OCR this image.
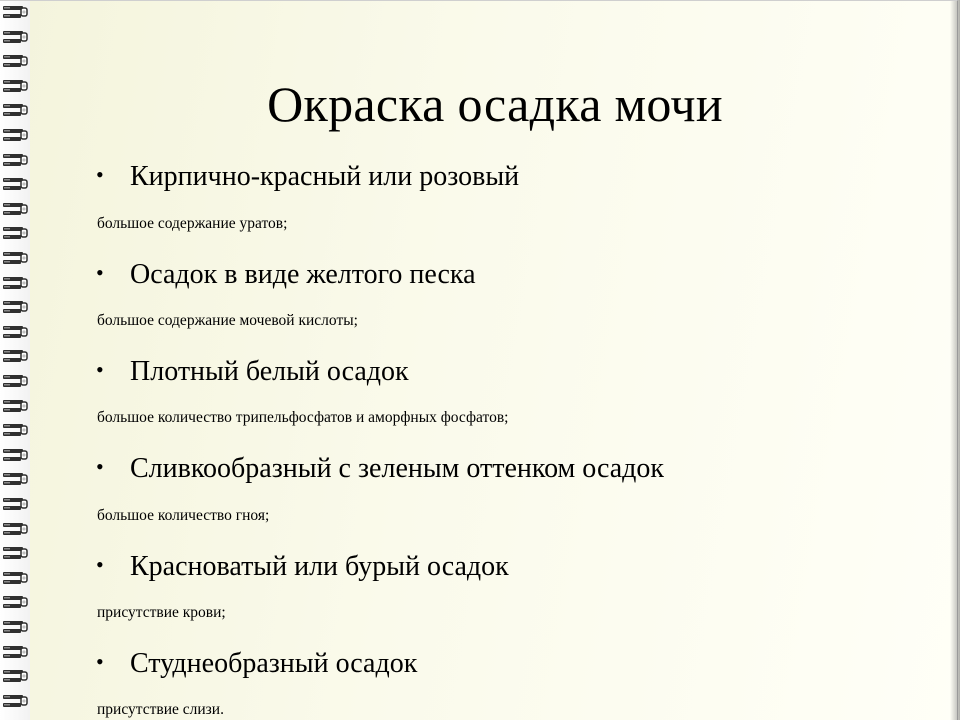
Окраска осадка мочи
• Кирпично-красный или розовый
большое содержание уратов;
• Осадок в виде желтого песка
большое содержание мочевой кислоты;
• Плотный белый осадок
большое количество трипельфосфатов и аморфных фосфатов;
• Сливкообразный с зеленым оттенком осадок
большое количество гноя;
• Красноватый или бурый осадок
присутствие крови;
• Студнеобразный осадок
присутствие слизи.
